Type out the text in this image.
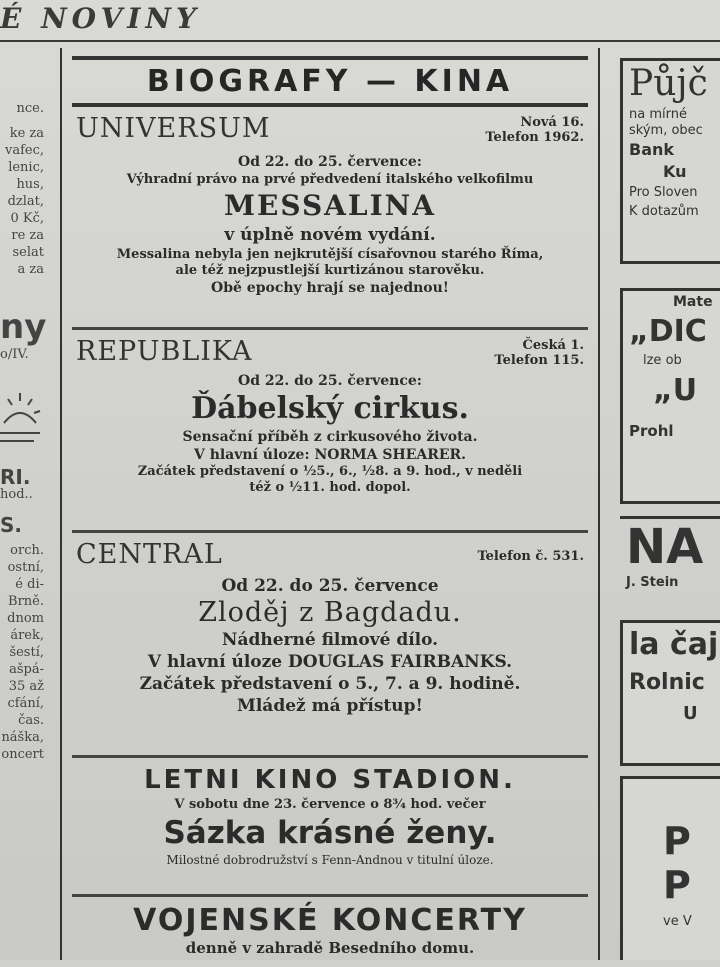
É NOVINY
nce.
ke za
vafec,
lenic,
hus,
dzlat,
0 Kč,
re za
selat
a za
ny
o/IV.
RI.
hod..
S.
orch.
ostní,
é di-
Brně.
dnom
árek,
šestí,
ašpá-
35 až
cfání,
čas.
náška,
oncert
BIOGRAFY — KINA
UNIVERSUM	Nová 16.
Telefon 1962.
Od 22. do 25. července:
Výhradní právo na prvé předvedení italského velkofilmu
MESSALINA
v úplně novém vydání.
Messalina nebyla jen nejkrutější císařovnou starého Říma,
ale též nejzpustlejší kurtizánou starověku.
Obě epochy hrají se najednou!
REPUBLIKA	Česká 1.
Telefon 115.
Od 22. do 25. července:
Ďábelský cirkus.
Sensační příběh z cirkusového života.
V hlavní úloze: NORMA SHEARER.
Začátek představení o ½5., 6., ½8. a 9. hod., v neděli
též o ½11. hod. dopol.
CENTRAL	Telefon č. 531.
Od 22. do 25. července
Zloděj z Bagdadu.
Nádherné filmové dílo.
V hlavní úloze DOUGLAS FAIRBANKS.
Začátek představení o 5., 7. a 9. hodině.
Mládež má přístup!
LETNI KINO STADION.
V sobotu dne 23. července o 8¾ hod. večer
Sázka krásné ženy.
Milostné dobrodružství s Fenn-Andnou v titulní úloze.
VOJENSKÉ KONCERTY
denně v zahradě Besedního domu.
Půjč
na mírné
ským, obec
Bank
Ku
Pro Sloven
K dotazům
Mate
„DIC
lze ob
„U
Prohl
NA
J. Stein
la čaj
Rolnic
U
P
P
ve V
